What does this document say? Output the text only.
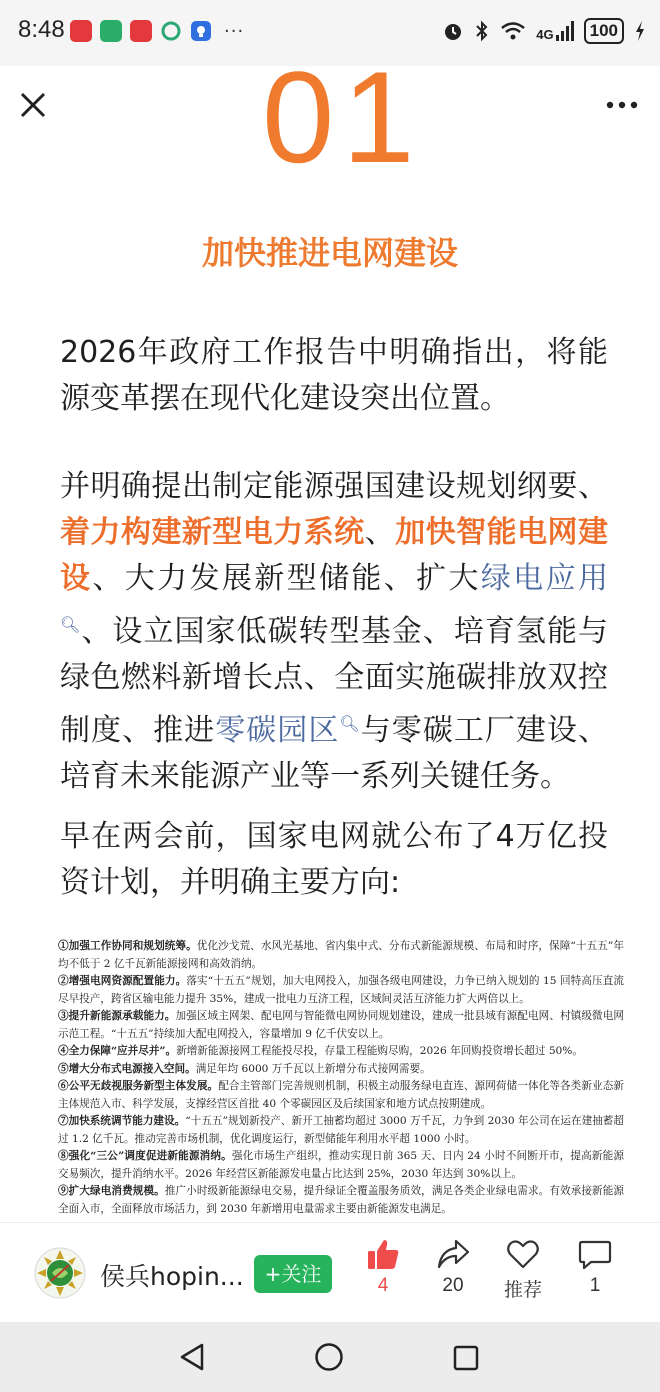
8:48	···	4G	100
01
加快推进电网建设

2026年政府工作报告中明确指出，将能源变革摆在现代化建设突出位置。

并明确提出制定能源强国建设规划纲要、着力构建新型电力系统、加快智能电网建设、大力发展新型储能、扩大绿电应用🔍︎、设立国家低碳转型基金、培育氢能与绿色燃料新增长点、全面实施碳排放双控制度、推进零碳园区🔍︎与零碳工厂建设、培育未来能源产业等一系列关键任务。

早在两会前，国家电网就公布了4万亿投资计划，并明确主要方向:

①加强工作协同和规划统筹。优化沙戈荒、水风光基地、省内集中式、分布式新能源规模、布局和时序，保障“十五五”年均不低于 2 亿千瓦新能源接网和高效消纳。
②增强电网资源配置能力。落实“十五五”规划，加大电网投入，加强各级电网建设，力争已纳入规划的 15 回特高压直流尽早投产，跨省区输电能力提升 35%，建成一批电力互济工程，区域间灵活互济能力扩大两倍以上。
③提升新能源承载能力。加强区域主网架、配电网与智能微电网协同规划建设，建成一批县域有源配电网、村镇级微电网示范工程。“十五五”持续加大配电网投入，容量增加 9 亿千伏安以上。
④全力保障“应并尽并”。新增新能源接网工程能投尽投，存量工程能购尽购，2026 年回购投资增长超过 50%。
⑤增大分布式电源接入空间。满足年均 6000 万千瓦以上新增分布式接网需要。
⑥公平无歧视服务新型主体发展。配合主管部门完善规则机制，积极主动服务绿电直连、源网荷储一体化等各类新业态新主体规范入市、科学发展，支撑经营区首批 40 个零碳园区及后续国家和地方试点按期建成。
⑦加快系统调节能力建设。“十五五”规划新投产、新开工抽蓄均超过 3000 万千瓦，力争到 2030 年公司在运在建抽蓄超过 1.2 亿千瓦。推动完善市场机制，优化调度运行，新型储能年利用水平超 1000 小时。
⑧强化“三公”调度促进新能源消纳。强化市场生产组织，推动实现日前 365 天、日内 24 小时不间断开市，提高新能源交易频次，提升消纳水平。2026 年经营区新能源发电量占比达到 25%，2030 年达到 30%以上。
⑨扩大绿电消费规模。推广小时级新能源绿电交易，提升绿证全覆盖服务质效，满足各类企业绿电需求。有效承接新能源全面入市，全面释放市场活力，到 2030 年新增用电量需求主要由新能源发电满足。
侯兵hopin...	+关注	4	20	推荐	1
